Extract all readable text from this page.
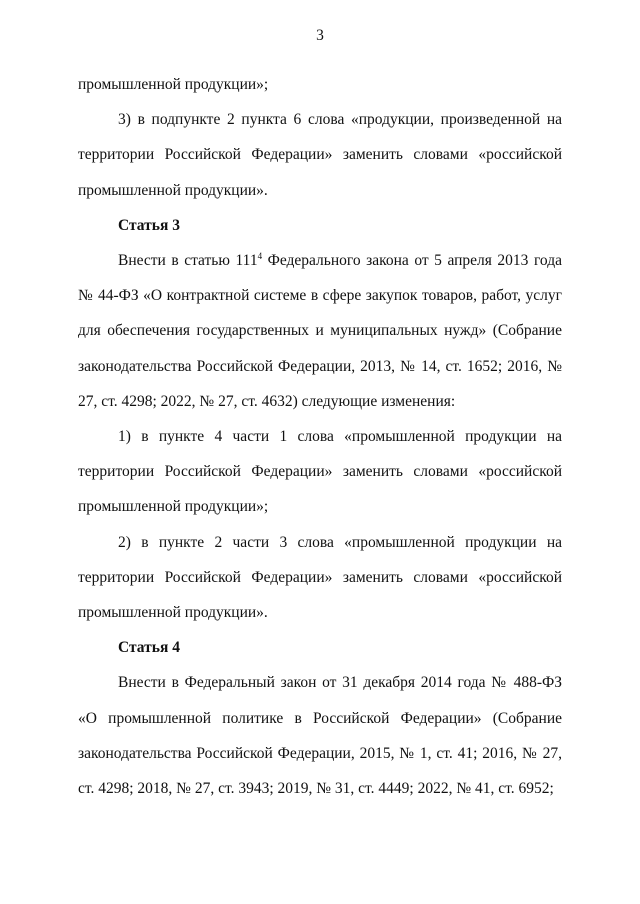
3

промышленной продукции»;

3) в подпункте 2 пункта 6 слова «продукции, произведенной на территории Российской Федерации» заменить словами «российской промышленной продукции».

Статья 3

Внести в статью $111^4$ Федерального закона от 5 апреля 2013 года № 44-ФЗ «О контрактной системе в сфере закупок товаров, работ, услуг для обеспечения государственных и муниципальных нужд» (Собрание законодательства Российской Федерации, 2013, № 14, ст. 1652; 2016, № 27, ст. 4298; 2022, № 27, ст. 4632) следующие изменения:

1) в пункте 4 части 1 слова «промышленной продукции на территории Российской Федерации» заменить словами «российской промышленной продукции»;

2) в пункте 2 части 3 слова «промышленной продукции на территории Российской Федерации» заменить словами «российской промышленной продукции».

Статья 4

Внести в Федеральный закон от 31 декабря 2014 года № 488-ФЗ «О промышленной политике в Российской Федерации» (Собрание законодательства Российской Федерации, 2015, № 1, ст. 41; 2016, № 27, ст. 4298; 2018, № 27, ст. 3943; 2019, № 31, ст. 4449; 2022, № 41, ст. 6952;
